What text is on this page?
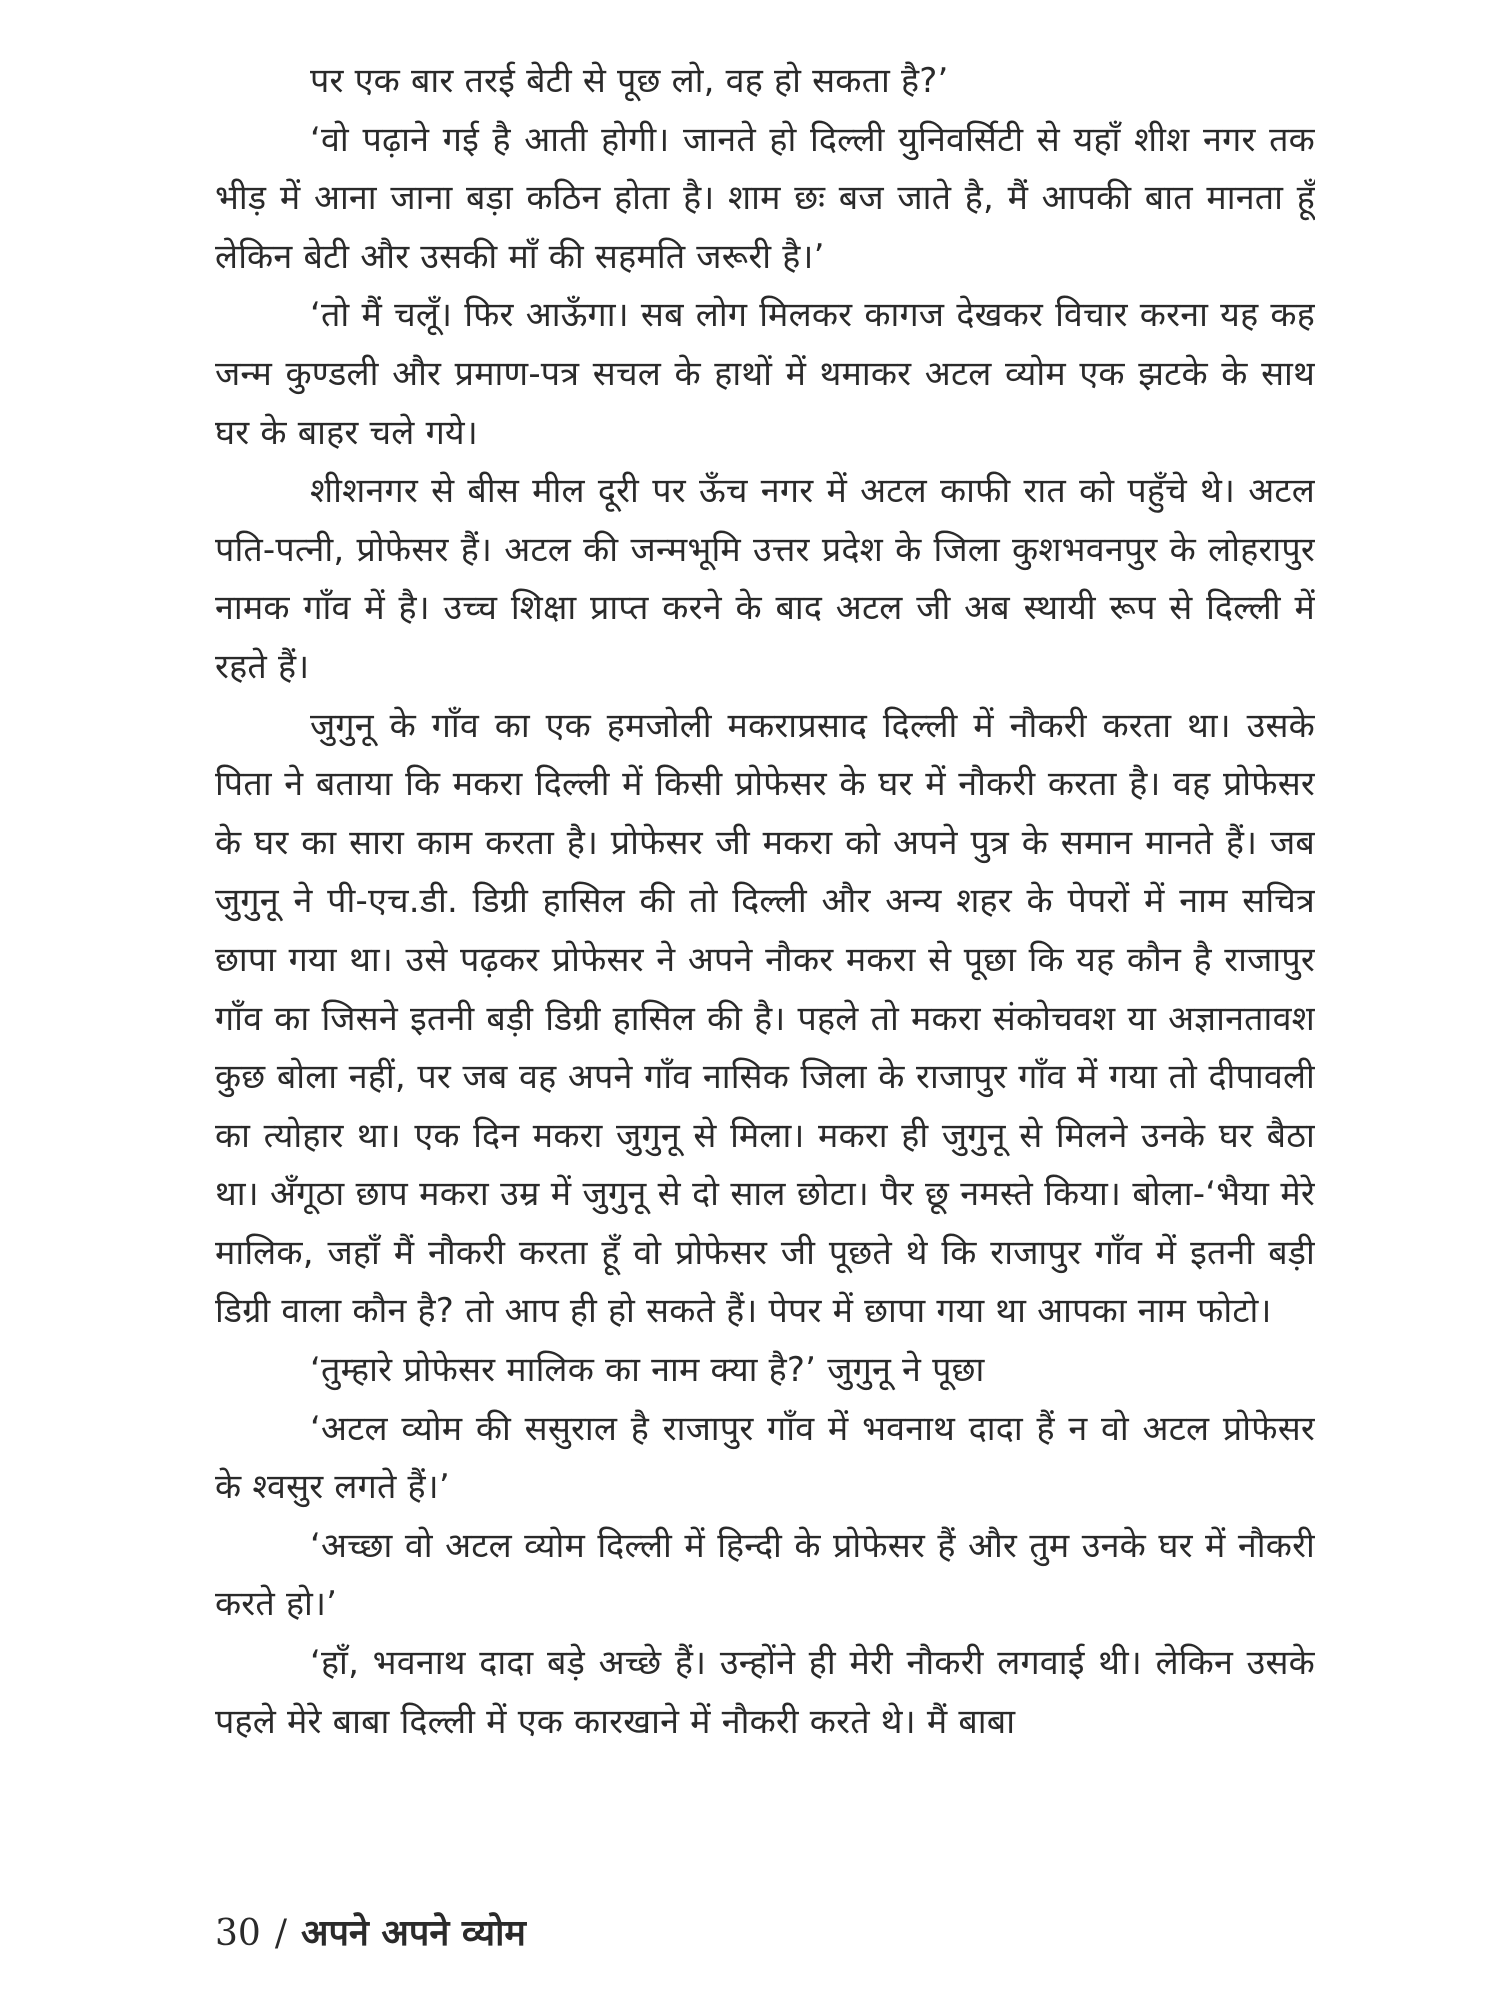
पर एक बार तरई बेटी से पूछ लो, वह हो सकता है?’

‘वो पढ़ाने गई है आती होगी। जानते हो दिल्ली युनिवर्सिटी से यहाँ शीश नगर तक भीड़ में आना जाना बड़ा कठिन होता है। शाम छः बज जाते है, मैं आपकी बात मानता हूँ लेकिन बेटी और उसकी माँ की सहमति जरूरी है।’

‘तो मैं चलूँ। फिर आऊँगा। सब लोग मिलकर कागज देखकर विचार करना यह कह जन्म कुण्डली और प्रमाण-पत्र सचल के हाथों में थमाकर अटल व्योम एक झटके के साथ घर के बाहर चले गये।

शीशनगर से बीस मील दूरी पर ऊँच नगर में अटल काफी रात को पहुँचे थे। अटल पति-पत्नी, प्रोफेसर हैं। अटल की जन्मभूमि उत्तर प्रदेश के जिला कुशभवनपुर के लोहरापुर नामक गाँव में है। उच्च शिक्षा प्राप्त करने के बाद अटल जी अब स्थायी रूप से दिल्ली में रहते हैं।

जुगुनू के गाँव का एक हमजोली मकराप्रसाद दिल्ली में नौकरी करता था। उसके पिता ने बताया कि मकरा दिल्ली में किसी प्रोफेसर के घर में नौकरी करता है। वह प्रोफेसर के घर का सारा काम करता है। प्रोफेसर जी मकरा को अपने पुत्र के समान मानते हैं। जब जुगुनू ने पी-एच.डी. डिग्री हासिल की तो दिल्ली और अन्य शहर के पेपरों में नाम सचित्र छापा गया था। उसे पढ़कर प्रोफेसर ने अपने नौकर मकरा से पूछा कि यह कौन है राजापुर गाँव का जिसने इतनी बड़ी डिग्री हासिल की है। पहले तो मकरा संकोचवश या अज्ञानतावश कुछ बोला नहीं, पर जब वह अपने गाँव नासिक जिला के राजापुर गाँव में गया तो दीपावली का त्योहार था। एक दिन मकरा जुगुनू से मिला। मकरा ही जुगुनू से मिलने उनके घर बैठा था। अँगूठा छाप मकरा उम्र में जुगुनू से दो साल छोटा। पैर छू नमस्ते किया। बोला-‘भैया मेरे मालिक, जहाँ मैं नौकरी करता हूँ वो प्रोफेसर जी पूछते थे कि राजापुर गाँव में इतनी बड़ी डिग्री वाला कौन है? तो आप ही हो सकते हैं। पेपर में छापा गया था आपका नाम फोटो।

‘तुम्हारे प्रोफेसर मालिक का नाम क्या है?’ जुगुनू ने पूछा

‘अटल व्योम की ससुराल है राजापुर गाँव में भवनाथ दादा हैं न वो अटल प्रोफेसर के श्वसुर लगते हैं।’

‘अच्छा वो अटल व्योम दिल्ली में हिन्दी के प्रोफेसर हैं और तुम उनके घर में नौकरी करते हो।’

‘हाँ, भवनाथ दादा बड़े अच्छे हैं। उन्होंने ही मेरी नौकरी लगवाई थी। लेकिन उसके पहले मेरे बाबा दिल्ली में एक कारखाने में नौकरी करते थे। मैं बाबा

30 / अपने अपने व्योम
